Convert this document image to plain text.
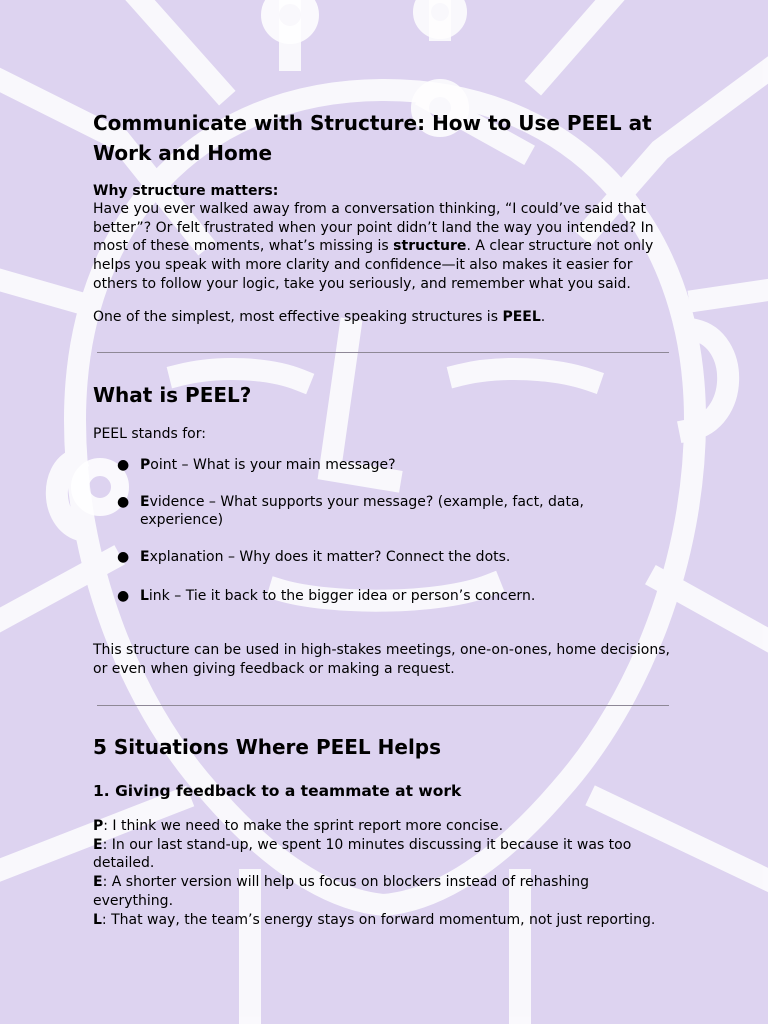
Communicate with Structure: How to Use PEEL at Work and Home
Why structure matters:

Have you ever walked away from a conversation thinking, “I could’ve said that better”? Or felt frustrated when your point didn’t land the way you intended? In most of these moments, what’s missing is structure. A clear structure not only helps you speak with more clarity and confidence—it also makes it easier for others to follow your logic, take you seriously, and remember what you said.

One of the simplest, most effective speaking structures is PEEL.

What is PEEL?

PEEL stands for:

● Point – What is your main message?
● Evidence – What supports your message? (example, fact, data, experience)
● Explanation – Why does it matter? Connect the dots.
● Link – Tie it back to the bigger idea or person’s concern.

This structure can be used in high-stakes meetings, one-on-ones, home decisions, or even when giving feedback or making a request.

5 Situations Where PEEL Helps
1. Giving feedback to a teammate at work

P: I think we need to make the sprint report more concise.
E: In our last stand-up, we spent 10 minutes discussing it because it was too detailed.
E: A shorter version will help us focus on blockers instead of rehashing everything.
L: That way, the team’s energy stays on forward momentum, not just reporting.
